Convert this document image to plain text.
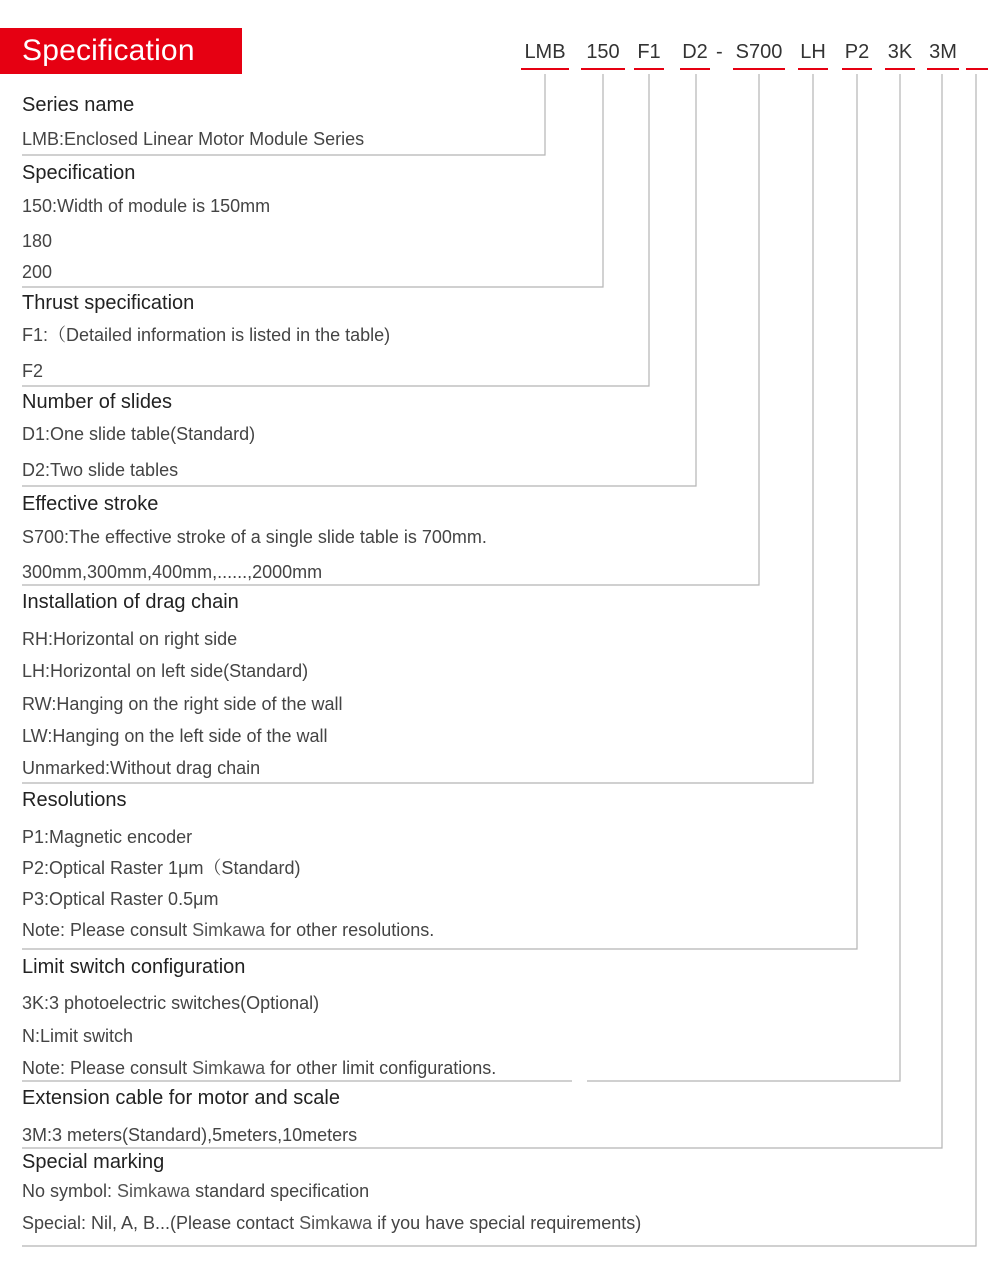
Specification	LMB 150 F1 D2 - S700 LH P2 3K 3M
Series name
LMB:Enclosed Linear Motor Module Series
Specification
150:Width of module is 150mm
180
200
Thrust specification
F1:（Detailed information is listed in the table)
F2
Number of slides
D1:One slide table(Standard)
D2:Two slide tables
Effective stroke
S700:The effective stroke of a single slide table is 700mm.
300mm,300mm,400mm,......,2000mm
Installation of drag chain
RH:Horizontal on right side
LH:Horizontal on left side(Standard)
RW:Hanging on the right side of the wall
LW:Hanging on the left side of the wall
Unmarked:Without drag chain
Resolutions
P1:Magnetic encoder
P2:Optical Raster 1μm（Standard)
P3:Optical Raster 0.5μm
Note: Please consult Simkawa for other resolutions.
Limit switch configuration
3K:3 photoelectric switches(Optional)
N:Limit switch
Note: Please consult Simkawa for other limit configurations.
Extension cable for motor and scale
3M:3 meters(Standard),5meters,10meters
Special marking
No symbol: Simkawa standard specification
Special: Nil, A, B...(Please contact Simkawa if you have special requirements)
